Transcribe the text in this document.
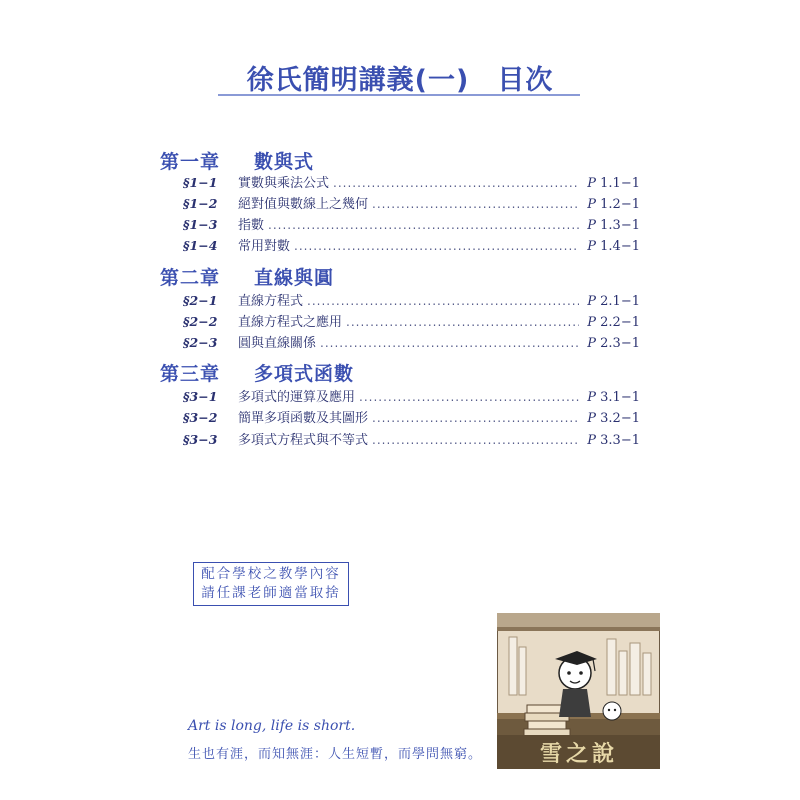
徐氏簡明講義(一)　目次
第一章 數與式
§1−1	實數與乘法公式 .....	P 1.1−1
§1−2	絕對值與數線上之幾何 .....	P 1.2−1
§1−3	指數 .....	P 1.3−1
§1−4	常用對數 .....	P 1.4−1
第二章 直線與圓
§2−1	直線方程式 .....	P 2.1−1
§2−2	直線方程式之應用 .....	P 2.2−1
§2−3	圓與直線關係 .....	P 2.3−1
第三章 多項式函數
§3−1	多項式的運算及應用 .....	P 3.1−1
§3−2	簡單多項函數及其圖形 .....	P 3.2−1
§3−3	多項式方程式與不等式 .....	P 3.3−1
配合學校之教學內容
請任課老師適當取捨
Art is long, life is short.
生也有涯，而知無涯：人生短暫，而學問無窮。	雪之說
